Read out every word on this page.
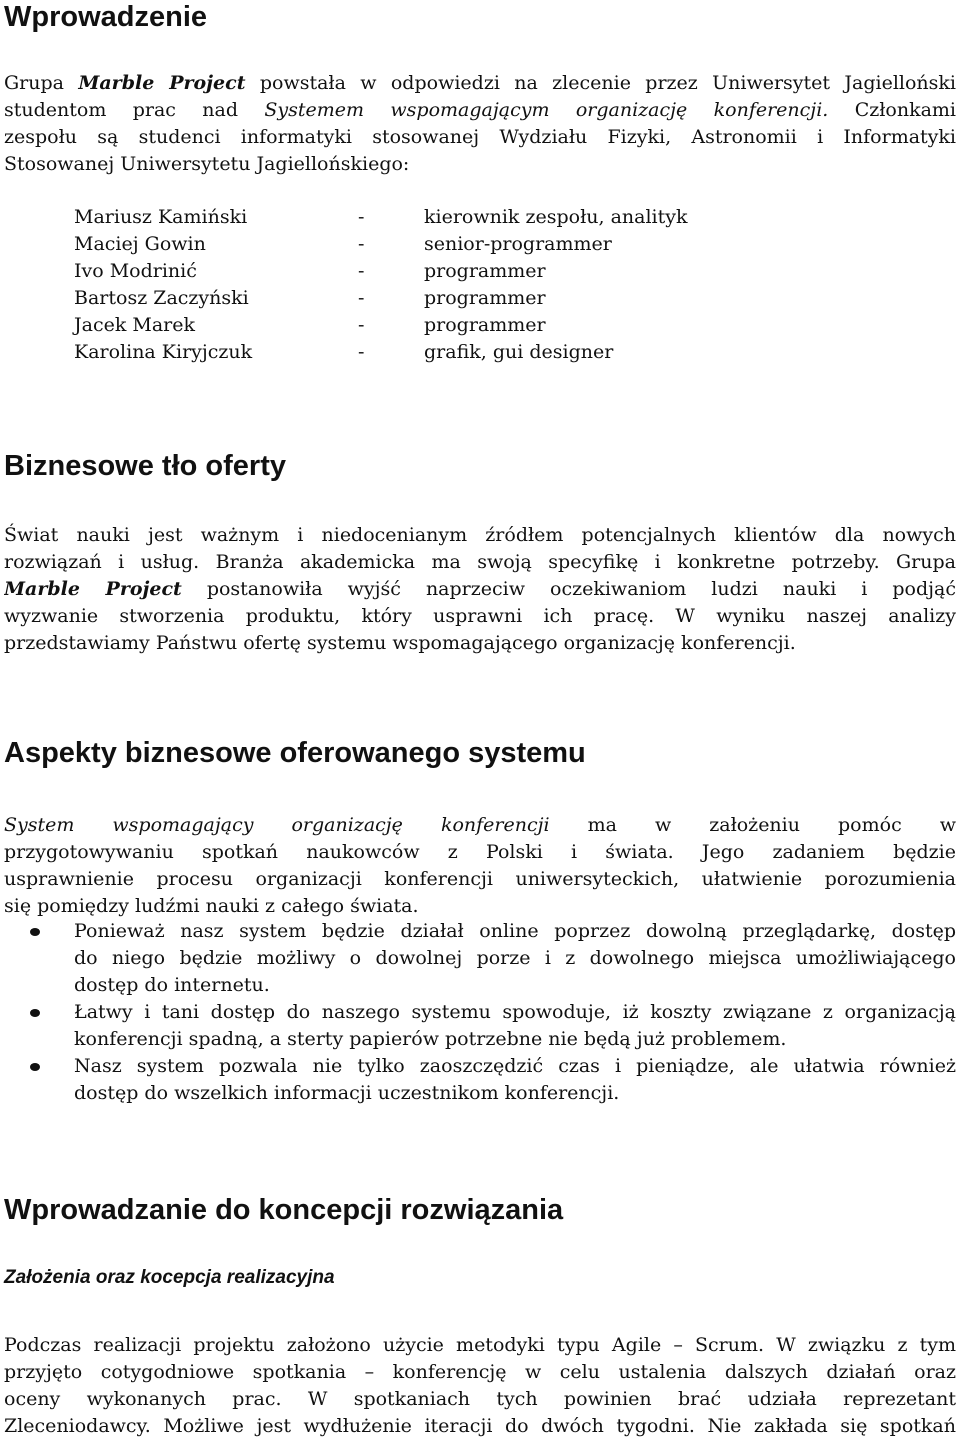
Wprowadzenie
Grupa Marble Project powstała w odpowiedzi na zlecenie przez Uniwersytet Jagielloński
studentom prac nad Systemem wspomagającym organizację konferencji. Członkami
zespołu są studenci informatyki stosowanej Wydziału Fizyki, Astronomii i Informatyki
Stosowanej Uniwersytetu Jagiellońskiego:
Mariusz Kamiński	-	kierownik zespołu, analityk
Maciej Gowin	-	senior-programmer
Ivo Modrinić	-	programmer
Bartosz Zaczyński	-	programmer
Jacek Marek	-	programmer
Karolina Kiryjczuk	-	grafik, gui designer
Biznesowe tło oferty
Świat nauki jest ważnym i niedocenianym źródłem potencjalnych klientów dla nowych
rozwiązań i usług. Branża akademicka ma swoją specyfikę i konkretne potrzeby. Grupa
Marble Project postanowiła wyjść naprzeciw oczekiwaniom ludzi nauki i podjąć
wyzwanie stworzenia produktu, który usprawni ich pracę. W wyniku naszej analizy
przedstawiamy Państwu ofertę systemu wspomagającego organizację konferencji.
Aspekty biznesowe oferowanego systemu
System wspomagający organizację konferencji ma w założeniu pomóc w
przygotowywaniu spotkań naukowców z Polski i świata. Jego zadaniem będzie
usprawnienie procesu organizacji konferencji uniwersyteckich, ułatwienie porozumienia
się pomiędzy ludźmi nauki z całego świata.
Ponieważ nasz system będzie działał online poprzez dowolną przeglądarkę, dostęp
do niego będzie możliwy o dowolnej porze i z dowolnego miejsca umożliwiającego
dostęp do internetu.
Łatwy i tani dostęp do naszego systemu spowoduje, iż koszty związane z organizacją
konferencji spadną, a sterty papierów potrzebne nie będą już problemem.
Nasz system pozwala nie tylko zaoszczędzić czas i pieniądze, ale ułatwia również
dostęp do wszelkich informacji uczestnikom konferencji.
Wprowadzanie do koncepcji rozwiązania
Założenia oraz kocepcja realizacyjna
Podczas realizacji projektu założono użycie metodyki typu Agile – Scrum. W związku z tym
przyjęto cotygodniowe spotkania – konferencję w celu ustalenia dalszych działań oraz
oceny wykonanych prac. W spotkaniach tych powinien brać udziała reprezetant
Zleceniodawcy. Możliwe jest wydłużenie iteracji do dwóch tygodni. Nie zakłada się spotkań
